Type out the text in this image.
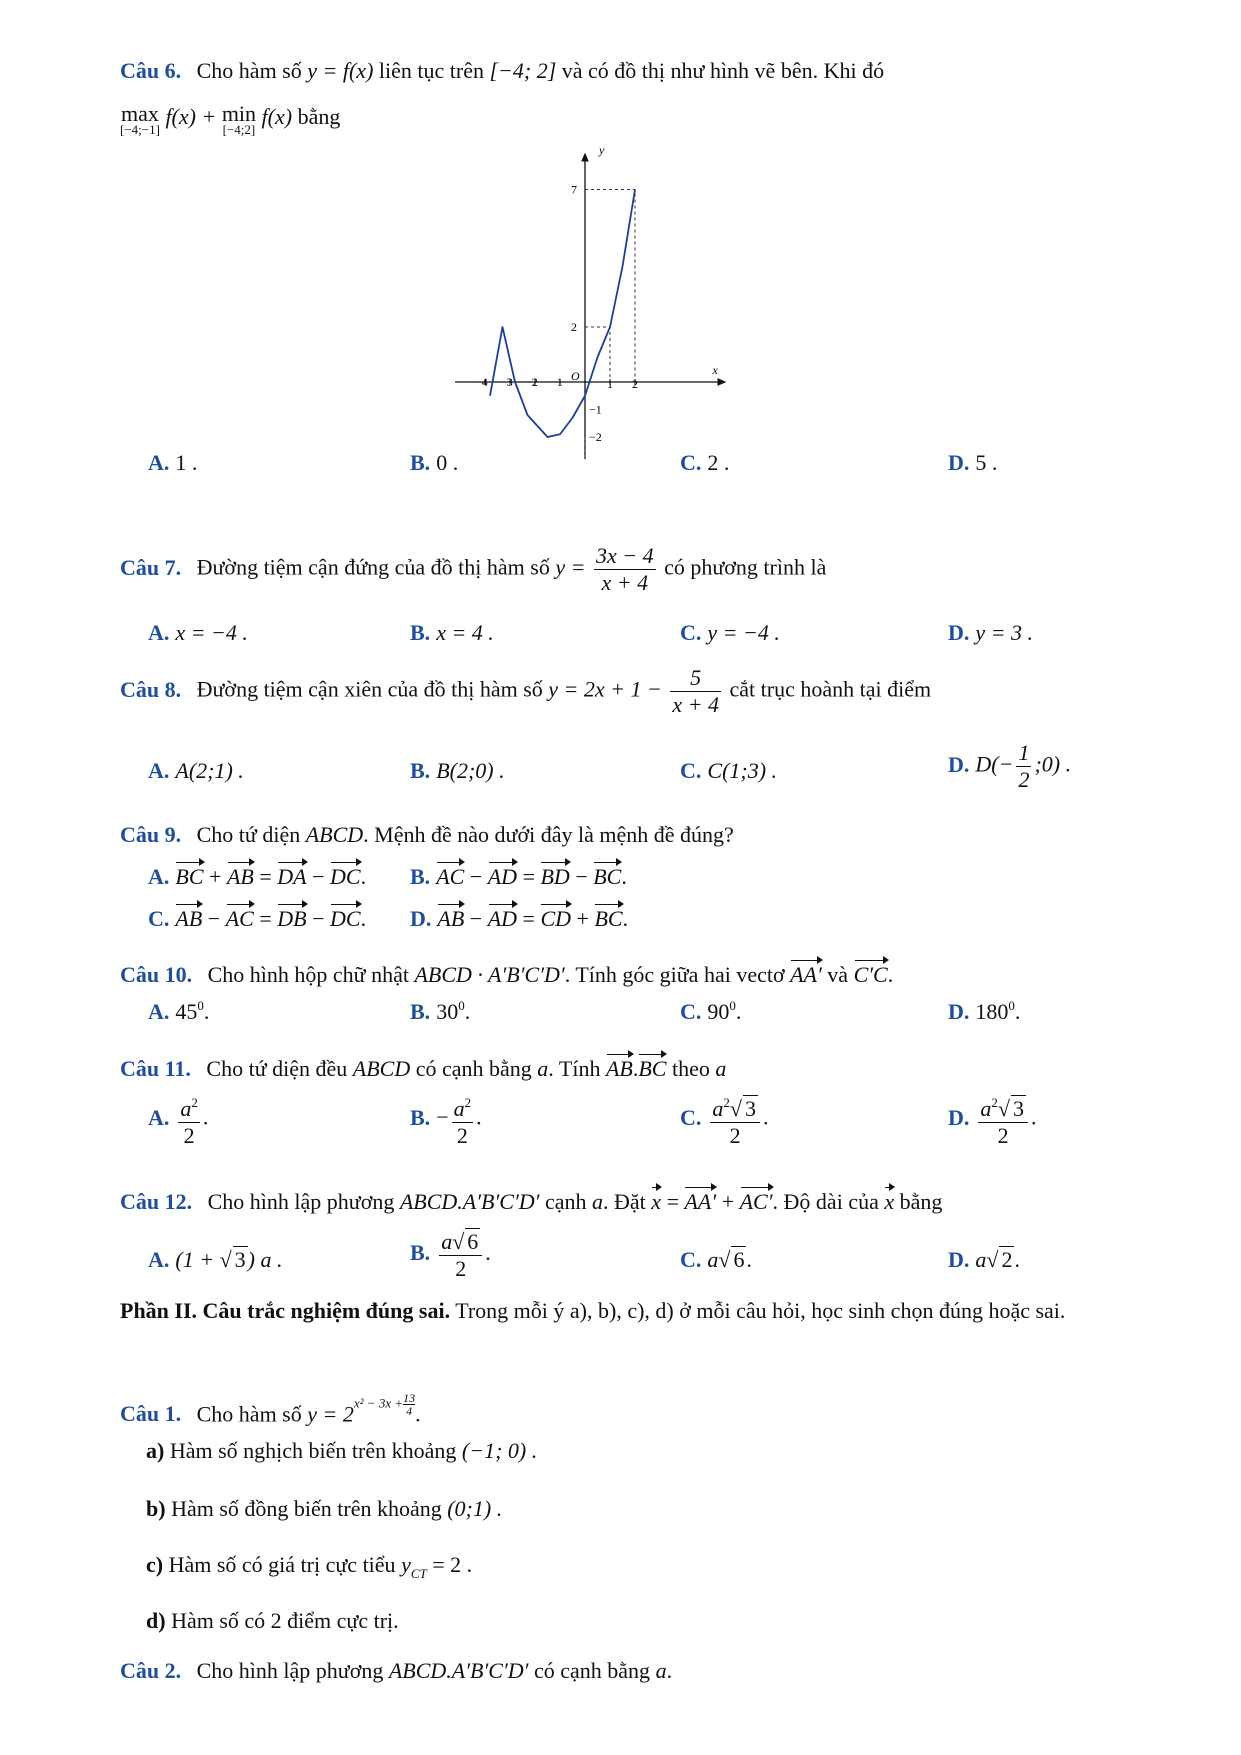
Câu 6. Cho hàm số y = f(x) liên tục trên [−4; 2] và có đồ thị như hình vẽ bên. Khi đó
max
[−4;−1]
f(x) + min
[−4;2]
f(x) bằng
x
y
O
−4 −3 −2 −1	1 2
7
2
−1
−2
A. 1 .	B. 0 .	C. 2 .	D. 5 .
Câu 7. Đường tiệm cận đứng của đồ thị hàm số $y = \frac{3x - 4}{x + 4}$ có phương trình là
A. x = −4 .	B. x = 4 .	C. y = −4 .	D. y = 3 .
Câu 8. Đường tiệm cận xiên của đồ thị hàm số $y = 2x + 1 - \frac{5}{x + 4}$ cắt trục hoành tại điểm
A. A(2;1) .	B. B(2;0) .	C. C(1;3) .	D. $D(- \frac{1}{2}$ ;0) .
Câu 9. Cho tứ diện ABCD. Mệnh đề nào dưới đây là mệnh đề đúng?
A. BC + AB = DA − DC. B. AC − AD = BD − BC.
C. AB − AC = DB − DC. D. AB − AD = CD + BC.
Câu 10. Cho hình hộp chữ nhật ABCD · A′B′C′D′. Tính góc giữa hai vectơ AA′ và C′C.
A. $45^0$.	B. $30^0$.	C. $90^0$.	D. $180^0$.
Câu 11. Cho tứ diện đều ABCD có cạnh bằng a. Tính AB.BC theo a
A. $\frac{a^2}{2}$ .	B. − $\frac{a^2}{2}$ .	C. $\frac{a^2√ 3}{2}$ .	D. $\frac{a^2√ 3}{2}$ .
Câu 12. Cho hình lập phương ABCD.A′B′C′D′ cạnh a. Đặt x = AA′ + AC′. Độ dài của x bằng
A. (1 + √ 3) a .	B. $\frac{a√ 6}{2}$ .	C. a√ 6.	D. a√ 2.
Phần II. Câu trắc nghiệm đúng sai. Trong mỗi ý a), b), c), d) ở mỗi câu hỏi, học sinh chọn đúng hoặc sai.
Câu 1. Cho hàm số $y = 2x^2 - 3x + \frac{13}{4}$ .
a) Hàm số nghịch biến trên khoảng (−1; 0) .
b) Hàm số đồng biến trên khoảng (0;1) .
c) Hàm số có giá trị cực tiểu $y_{CT} = 2$ .
d) Hàm số có 2 điểm cực trị.
Câu 2. Cho hình lập phương ABCD.A′B′C′D′ có cạnh bằng a.
